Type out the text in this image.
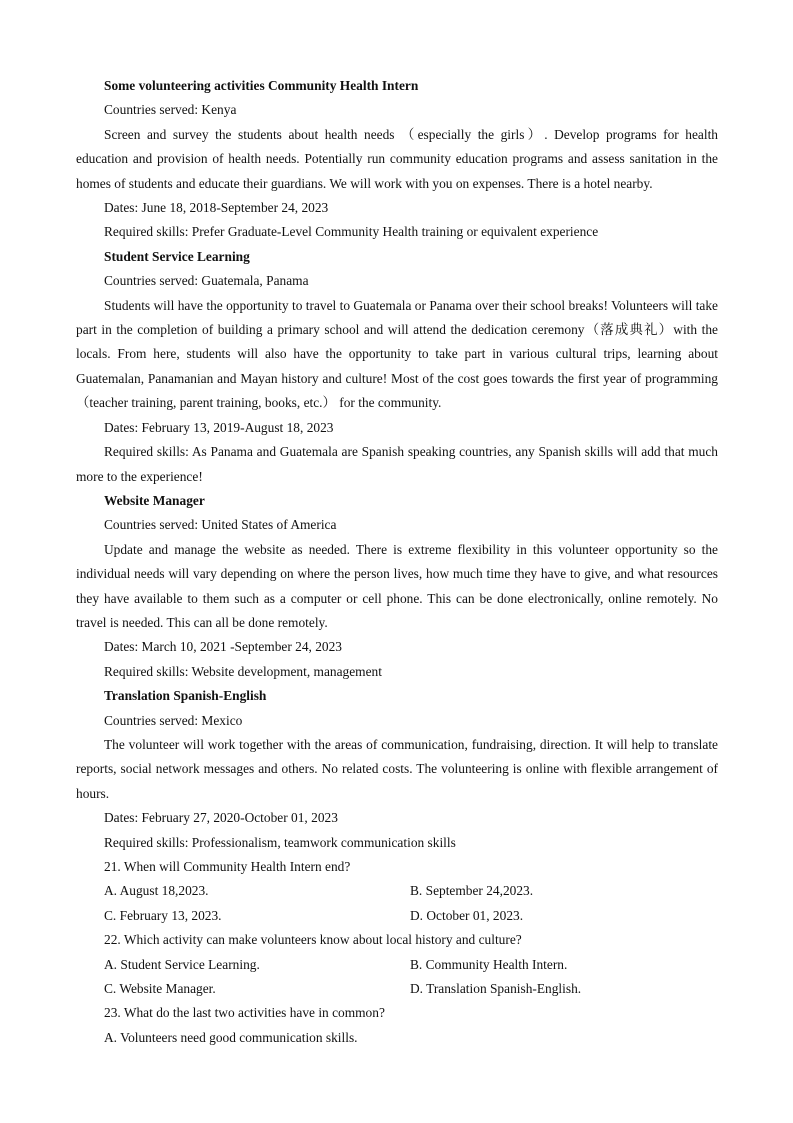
Some volunteering activities Community Health Intern

Countries served: Kenya

Screen and survey the students about health needs （especially the girls）. Develop programs for health education and provision of health needs. Potentially run community education programs and assess sanitation in the homes of students and educate their guardians. We will work with you on expenses. There is a hotel nearby.

Dates: June 18, 2018-September 24, 2023

Required skills: Prefer Graduate-Level Community Health training or equivalent experience

Student Service Learning

Countries served: Guatemala, Panama

Students will have the opportunity to travel to Guatemala or Panama over their school breaks! Volunteers will take part in the completion of building a primary school and will attend the dedication ceremony（落成典礼）with the locals. From here, students will also have the opportunity to take part in various cultural trips, learning about Guatemalan, Panamanian and Mayan history and culture! Most of the cost goes towards the first year of programming（teacher training, parent training, books, etc.） for the community.

Dates: February 13, 2019-August 18, 2023

Required skills: As Panama and Guatemala are Spanish speaking countries, any Spanish skills will add that much more to the experience!

Website Manager

Countries served: United States of America

Update and manage the website as needed. There is extreme flexibility in this volunteer opportunity so the individual needs will vary depending on where the person lives, how much time they have to give, and what resources they have available to them such as a computer or cell phone. This can be done electronically, online remotely. No travel is needed. This can all be done remotely.

Dates: March 10, 2021 -September 24, 2023

Required skills: Website development, management

Translation Spanish-English

Countries served: Mexico

The volunteer will work together with the areas of communication, fundraising, direction. It will help to translate reports, social network messages and others. No related costs. The volunteering is online with flexible arrangement of hours.

Dates: February 27, 2020-October 01, 2023

Required skills: Professionalism, teamwork communication skills

21. When will Community Health Intern end?

A. August 18,2023.	B. September 24,2023.
C. February 13, 2023.	D. October 01, 2023.

22. Which activity can make volunteers know about local history and culture?

A. Student Service Learning.	B. Community Health Intern.
C. Website Manager.	D. Translation Spanish-English.

23. What do the last two activities have in common?

A. Volunteers need good communication skills.
